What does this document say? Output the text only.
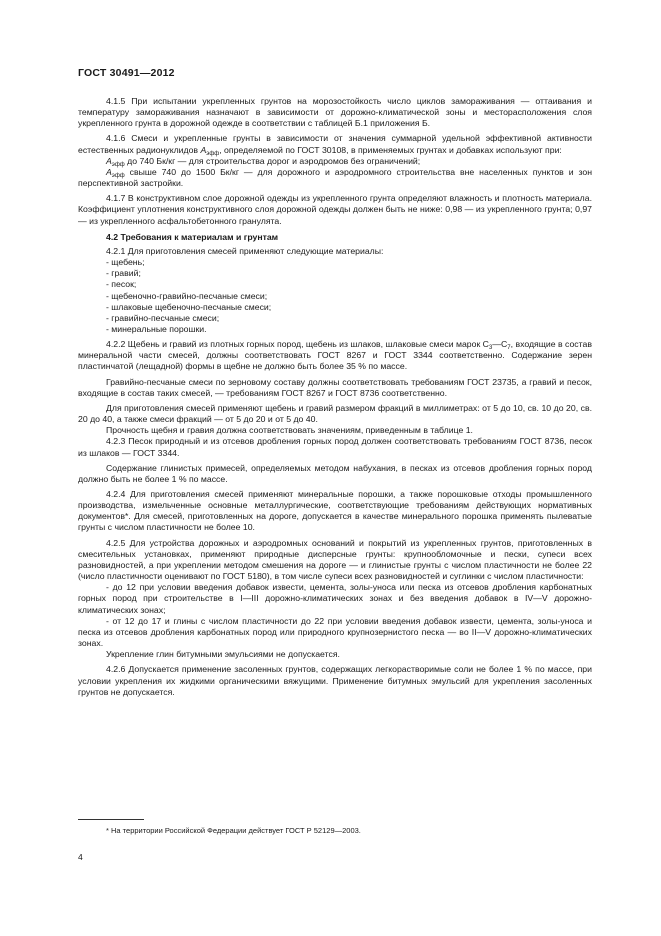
ГОСТ 30491—2012

4.1.5 При испытании укрепленных грунтов на морозостойкость число циклов замораживания — оттаивания и температуру замораживания назначают в зависимости от дорожно-климатической зоны и месторасположения слоя укрепленного грунта в дорожной одежде в соответствии с таблицей Б.1 приложения Б.

4.1.6 Смеси и укрепленные грунты в зависимости от значения суммарной удельной эффективной активности естественных радионуклидов $A_{эфф}$, определяемой по ГОСТ 30108, в применяемых грунтах и добавках используют при:

$A_{эфф}$ до 740 Бк/кг — для строительства дорог и аэродромов без ограничений;

$A_{эфф}$ свыше 740 до 1500 Бк/кг — для дорожного и аэродромного строительства вне населенных пунктов и зон перспективной застройки.

4.1.7 В конструктивном слое дорожной одежды из укрепленного грунта определяют влажность и плотность материала. Коэффициент уплотнения конструктивного слоя дорожной одежды должен быть не ниже: 0,98 — из укрепленного грунта; 0,97 — из укрепленного асфальтобетонного гранулята.

4.2 Требования к материалам и грунтам

4.2.1 Для приготовления смесей применяют следующие материалы:

- щебень;

- гравий;

- песок;

- щебеночно-гравийно-песчаные смеси;

- шлаковые щебеночно-песчаные смеси;

- гравийно-песчаные смеси;

- минеральные порошки.

4.2.2 Щебень и гравий из плотных горных пород, щебень из шлаков, шлаковые смеси марок $С_3—С_7$, входящие в состав минеральной части смесей, должны соответствовать ГОСТ 8267 и ГОСТ 3344 соответственно. Содержание зерен пластинчатой (лещадной) формы в щебне не должно быть более 35 % по массе.

Гравийно-песчаные смеси по зерновому составу должны соответствовать требованиям ГОСТ 23735, а гравий и песок, входящие в состав таких смесей, — требованиям ГОСТ 8267 и ГОСТ 8736 соответственно.

Для приготовления смесей применяют щебень и гравий размером фракций в миллиметрах: от 5 до 10, св. 10 до 20, св. 20 до 40, а также смеси фракций — от 5 до 20 и от 5 до 40.

Прочность щебня и гравия должна соответствовать значениям, приведенным в таблице 1.

4.2.3 Песок природный и из отсевов дробления горных пород должен соответствовать требованиям ГОСТ 8736, песок из шлаков — ГОСТ 3344.

Содержание глинистых примесей, определяемых методом набухания, в песках из отсевов дробления горных пород должно быть не более 1 % по массе.

4.2.4 Для приготовления смесей применяют минеральные порошки, а также порошковые отходы промышленного производства, измельченные основные металлургические, соответствующие требованиям действующих нормативных документов*. Для смесей, приготовленных на дороге, допускается в качестве минерального порошка применять пылеватые грунты с числом пластичности не более 10.

4.2.5 Для устройства дорожных и аэродромных оснований и покрытий из укрепленных грунтов, приготовленных в смесительных установках, применяют природные дисперсные грунты: крупнообломочные и пески, супеси всех разновидностей, а при укреплении методом смешения на дороге — и глинистые грунты с числом пластичности не более 22 (число пластичности оценивают по ГОСТ 5180), в том числе супеси всех разновидностей и суглинки с числом пластичности:

- до 12 при условии введения добавок извести, цемента, золы-уноса или песка из отсевов дробления карбонатных горных пород при строительстве в I—III дорожно-климатических зонах и без введения добавок в IV—V дорожно-климатических зонах;

- от 12 до 17 и глины с числом пластичности до 22 при условии введения добавок извести, цемента, золы-уноса и песка из отсевов дробления карбонатных пород или природного крупнозернистого песка — во II—V дорожно-климатических зонах.

Укрепление глин битумными эмульсиями не допускается.

4.2.6 Допускается применение засоленных грунтов, содержащих легкорастворимые соли не более 1 % по массе, при условии укрепления их жидкими органическими вяжущими. Применение битумных эмульсий для укрепления засоленных грунтов не допускается.

* На территории Российской Федерации действует ГОСТ Р 52129—2003.
4
